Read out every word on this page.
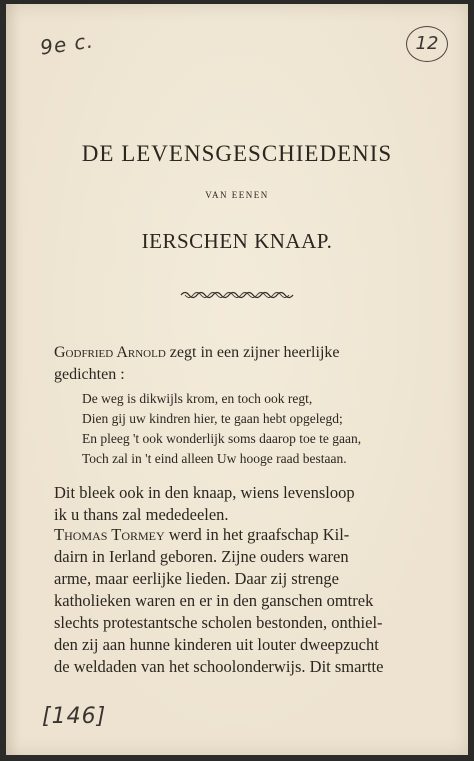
9e c.	12
DE LEVENSGESCHIEDENIS
VAN EENEN
IERSCHEN KNAAP.
Godfried Arnold zegt in een zijner heerlijke
gedichten :
De weg is dikwijls krom, en toch ook regt,
Dien gij uw kindren hier, te gaan hebt opgelegd;
En pleeg 't ook wonderlijk soms daarop toe te gaan,
Toch zal in 't eind alleen Uw hooge raad bestaan.
Dit bleek ook in den knaap, wiens levensloop
ik u thans zal mededeelen.
Thomas Tormey werd in het graafschap Kil-
dairn in Ierland geboren. Zijne ouders waren
arme, maar eerlijke lieden. Daar zij strenge
katholieken waren en er in den ganschen omtrek
slechts protestantsche scholen bestonden, onthiel-
den zij aan hunne kinderen uit louter dweepzucht
de weldaden van het schoolonderwijs. Dit smartte
[146]
